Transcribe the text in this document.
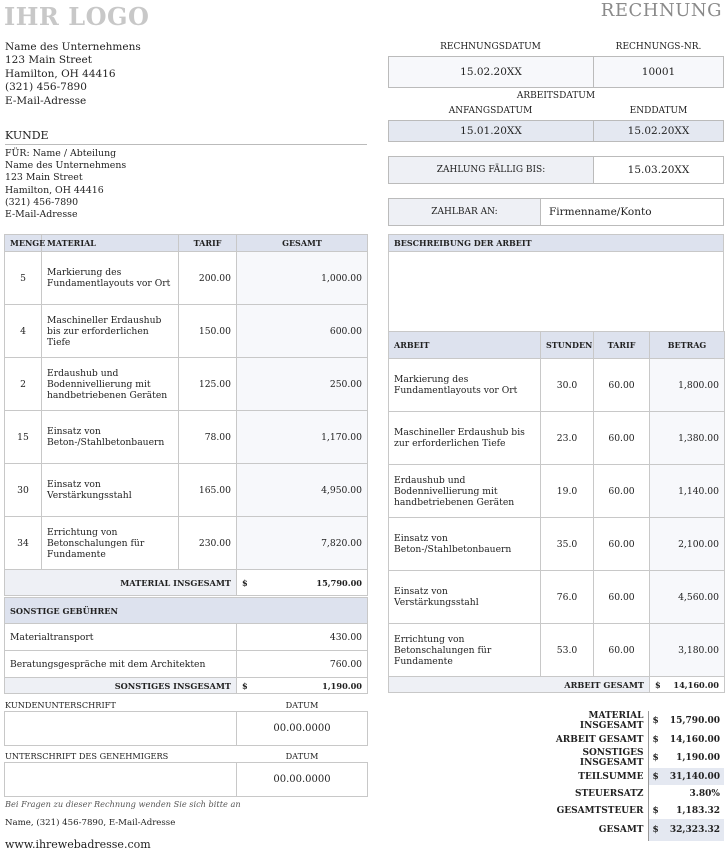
IHR LOGO	RECHNUNG
Name des Unternehmens
123 Main Street
Hamilton, OH 44416
(321) 456-7890
E-Mail-Adresse
KUNDE
FÜR: Name / Abteilung
Name des Unternehmens
123 Main Street
Hamilton, OH 44416
(321) 456-7890
E-Mail-Adresse
RECHNUNGSDATUM	RECHNUNGS-NR.
15.02.20XX	10001
ARBEITSDATUM
ANFANGSDATUM	ENDDATUM
15.01.20XX	15.02.20XX
ZAHLUNG FÄLLIG BIS:	15.03.20XX
ZAHLBAR AN:	Firmenname/Konto
MENGE	MATERIAL	TARIF	GESAMT
5	Markierung des Fundamentlayouts vor Ort	200.00	1,000.00
4	Maschineller Erdaushub bis zur erforderlichen Tiefe	150.00	600.00
2	Erdaushub und Bodennivellierung mit handbetriebenen Geräten	125.00	250.00
15	Einsatz von Beton-/Stahlbetonbauern	78.00	1,170.00
30	Einsatz von Verstärkungsstahl	165.00	4,950.00
34	Errichtung von Betonschalungen für Fundamente	230.00	7,820.00
MATERIAL INSGESAMT			$ 15,790.00
SONSTIGE GEBÜHREN	
Materialtransport	430.00
Beratungsgespräche mit dem Architekten	760.00
SONSTIGES INSGESAMT	$ 1,190.00
KUNDENUNTERSCHRIFT	DATUM
	00.00.0000
UNTERSCHRIFT DES GENEHMIGERS	DATUM
	00.00.0000
BESCHREIBUNG DER ARBEIT

ARBEIT	STUNDEN	TARIF	BETRAG
Markierung des Fundamentlayouts vor Ort	30.0	60.00	1,800.00
Maschineller Erdaushub bis zur erforderlichen Tiefe	23.0	60.00	1,380.00
Erdaushub und Bodennivellierung mit handbetriebenen Geräten	19.0	60.00	1,140.00
Einsatz von Beton-/Stahlbetonbauern	35.0	60.00	2,100.00
Einsatz von Verstärkungsstahl	76.0	60.00	4,560.00
Errichtung von Betonschalungen für Fundamente	53.0	60.00	3,180.00
ARBEIT GESAMT			$ 14,160.00
MATERIAL INSGESAMT	$	15,790.00
ARBEIT GESAMT	$	14,160.00
SONSTIGES INSGESAMT	$	1,190.00
TEILSUMME	$	31,140.00
STEUERSATZ		3.80%
GESAMTSTEUER	$	1,183.32
GESAMT	$	32,323.32
Bei Fragen zu dieser Rechnung wenden Sie sich bitte an
Name, (321) 456-7890, E-Mail-Adresse
www.ihrewebadresse.com
